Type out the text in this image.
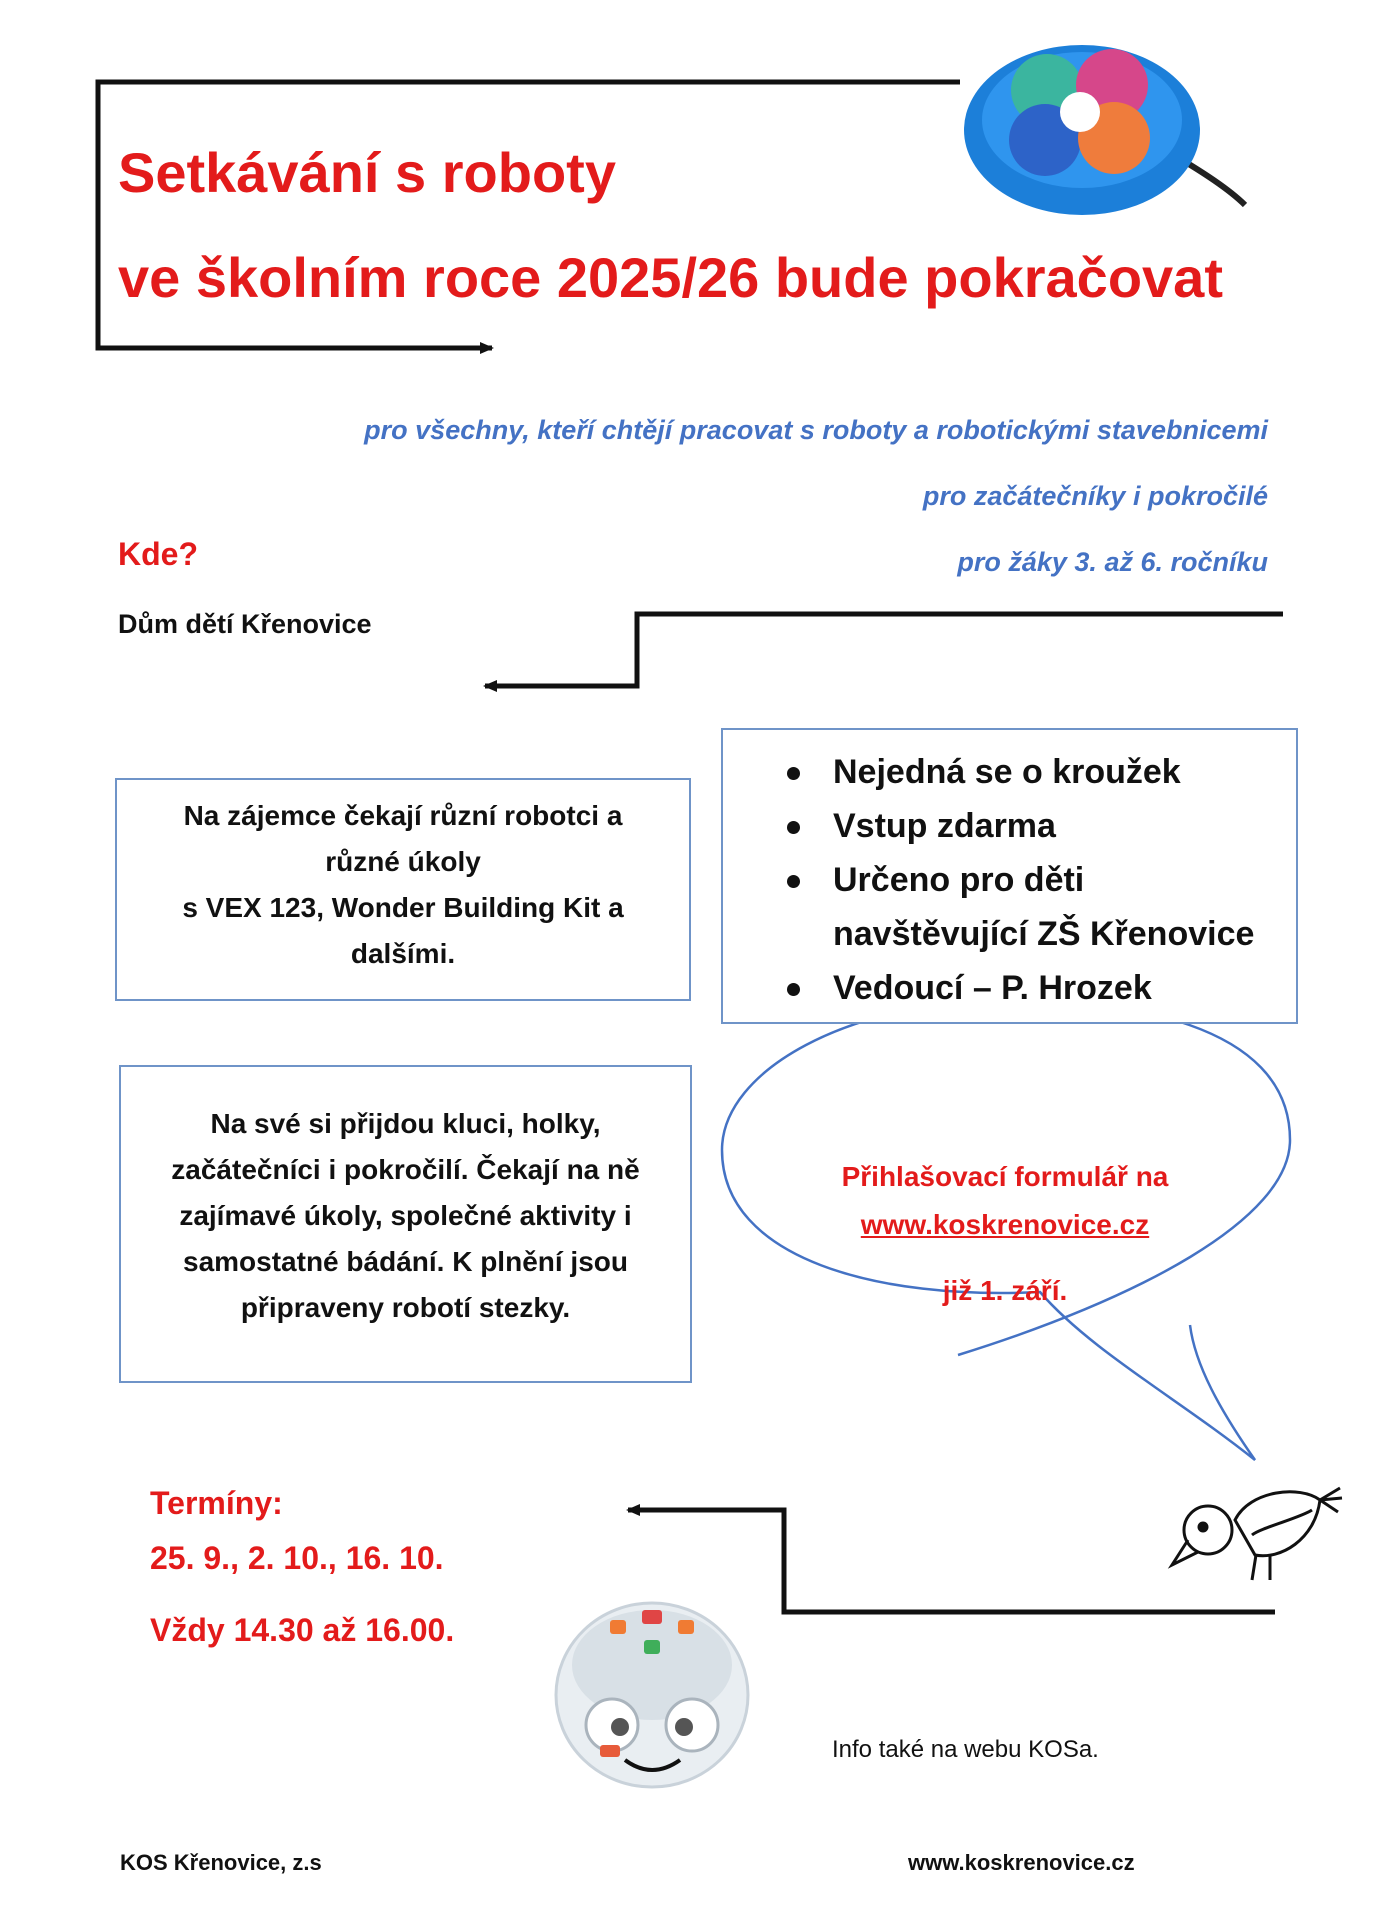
Setkávání s roboty
ve školním roce 2025/26 bude pokračovat
pro všechny, kteří chtějí pracovat s roboty a robotickými stavebnicemi
pro začátečníky i pokročilé
pro žáky 3. až 6. ročníku
Kde?
Dům dětí Křenovice
Na zájemce čekají různí robotci a
různé úkoly
s VEX 123, Wonder Building Kit a
dalšími.
Nejedná se o kroužek
Vstup zdarma
Určeno pro děti
navštěvující ZŠ Křenovice
Vedoucí – P. Hrozek
Na své si přijdou kluci, holky,
začátečníci i pokročilí. Čekají na ně
zajímavé úkoly, společné aktivity i
samostatné bádání. K plnění jsou
připraveny robotí stezky.
Přihlašovací formulář na
www.koskrenovice.cz
již 1. září.
Termíny:
25. 9., 2. 10., 16. 10.
Vždy 14.30 až 16.00.
Info také na webu KOSa.
KOS Křenovice, z.s	www.koskrenovice.cz
